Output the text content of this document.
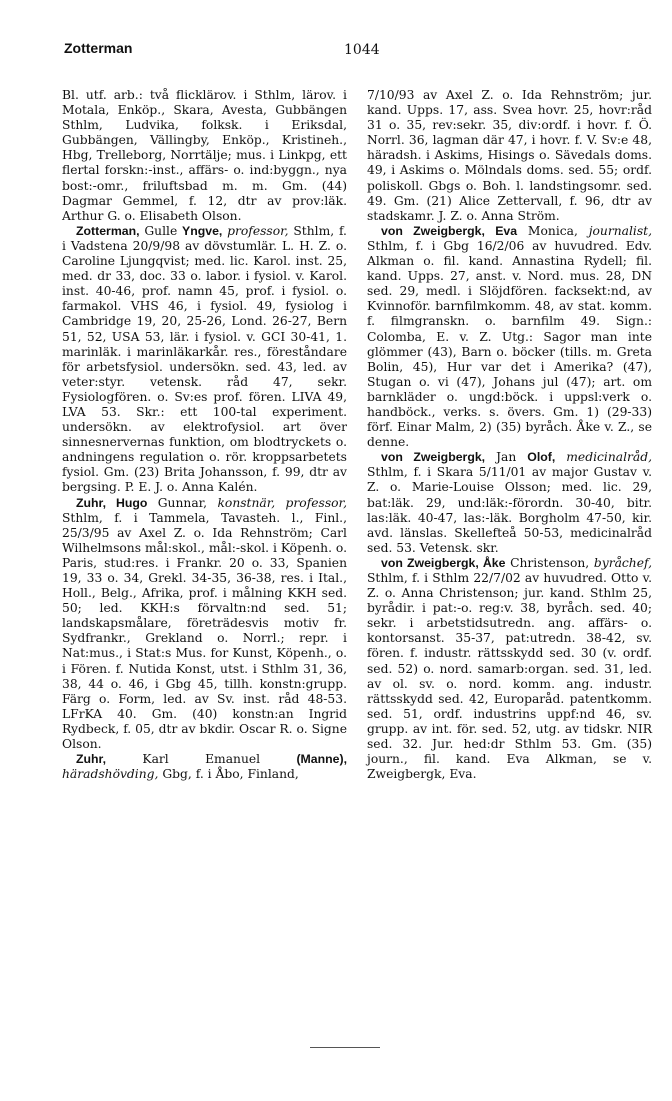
Zotterman	1044

Bl. utf. arb.: två flicklärov. i Sthlm, lärov. i Motala, Enköp., Skara, Avesta, Gubbängen Sthlm, Ludvika, folksk. i Eriksdal, Gubbängen, Vällingby, Enköp., Kristineh., Hbg, Trelleborg, Norrtälje; mus. i Linkpg, ett flertal forskn:-inst., affärs- o. ind:byggn., nya bost:-omr., friluftsbad m. m. Gm. (44) Dagmar Gemmel, f. 12, dtr av prov:läk. Arthur G. o. Elisabeth Olson.

Zotterman, Gulle Yngve, professor, Sthlm, f. i Vadstena 20/9/98 av dövstumlär. L. H. Z. o. Caroline Ljungqvist; med. lic. Karol. inst. 25, med. dr 33, doc. 33 o. labor. i fysiol. v. Karol. inst. 40-46, prof. namn 45, prof. i fysiol. o. farmakol. VHS 46, i fysiol. 49, fysiolog i Cambridge 19, 20, 25-26, Lond. 26-27, Bern 51, 52, USA 53, lär. i fysiol. v. GCI 30-41, 1. marinläk. i marinläkarkår. res., föreståndare för arbetsfysiol. undersökn. sed. 43, led. av veter:styr. vetensk. råd 47, sekr. Fysiologfören. o. Sv:es prof. fören. LIVA 49, LVA 53. Skr.: ett 100-tal experiment. undersökn. av elektrofysiol. art över sinnesnervernas funktion, om blodtryckets o. andningens regulation o. rör. kroppsarbetets fysiol. Gm. (23) Brita Johansson, f. 99, dtr av bergsing. P. E. J. o. Anna Kalén.

Zuhr, Hugo Gunnar, konstnär, professor, Sthlm, f. i Tammela, Tavasteh. l., Finl., 25/3/95 av Axel Z. o. Ida Rehnström; Carl Wilhelmsons mål:skol., mål:-skol. i Köpenh. o. Paris, stud:res. i Frankr. 20 o. 33, Spanien 19, 33 o. 34, Grekl. 34-35, 36-38, res. i Ital., Holl., Belg., Afrika, prof. i målning KKH sed. 50; led. KKH:s förvaltn:nd sed. 51; landskapsmålare, företrädesvis motiv fr. Sydfrankr., Grekland o. Norrl.; repr. i Nat:mus., i Stat:s Mus. for Kunst, Köpenh., o. i Fören. f. Nutida Konst, utst. i Sthlm 31, 36, 38, 44 o. 46, i Gbg 45, tillh. konstn:grupp. Färg o. Form, led. av Sv. inst. råd 48-53. LFrKA 40. Gm. (40) konstn:an Ingrid Rydbeck, f. 05, dtr av bkdir. Oscar R. o. Signe Olson.

Zuhr, Karl Emanuel (Manne), häradshövding, Gbg, f. i Åbo, Finland,

7/10/93 av Axel Z. o. Ida Rehnström; jur. kand. Upps. 17, ass. Svea hovr. 25, hovr:råd 31 o. 35, rev:sekr. 35, div:ordf. i hovr. f. Ö. Norrl. 36, lagman där 47, i hovr. f. V. Sv:e 48, häradsh. i Askims, Hisings o. Sävedals doms. 49, i Askims o. Mölndals doms. sed. 55; ordf. poliskoll. Gbgs o. Boh. l. landstingsomr. sed. 49. Gm. (21) Alice Zettervall, f. 96, dtr av stadskamr. J. Z. o. Anna Ström.

von Zweigbergk, Eva Monica, journalist, Sthlm, f. i Gbg 16/2/06 av huvudred. Edv. Alkman o. fil. kand. Annastina Rydell; fil. kand. Upps. 27, anst. v. Nord. mus. 28, DN sed. 29, medl. i Slöjdfören. facksekt:nd, av Kvinnoför. barnfilmkomm. 48, av stat. komm. f. filmgranskn. o. barnfilm 49. Sign.: Colomba, E. v. Z. Utg.: Sagor man inte glömmer (43), Barn o. böcker (tills. m. Greta Bolin, 45), Hur var det i Amerika? (47), Stugan o. vi (47), Johans jul (47); art. om barnkläder o. ungd:böck. i uppsl:verk o. handböck., verks. s. övers. Gm. 1) (29-33) förf. Einar Malm, 2) (35) byråch. Åke v. Z., se denne.

von Zweigbergk, Jan Olof, medicinalråd, Sthlm, f. i Skara 5/11/01 av major Gustav v. Z. o. Marie-Louise Olsson; med. lic. 29, bat:läk. 29, und:läk:-förordn. 30-40, bitr. las:läk. 40-47, las:-läk. Borgholm 47-50, kir. avd. länslas. Skellefteå 50-53, medicinalråd sed. 53. Vetensk. skr.

von Zweigbergk, Åke Christenson, byråchef, Sthlm, f. i Sthlm 22/7/02 av huvudred. Otto v. Z. o. Anna Christenson; jur. kand. Sthlm 25, byrådir. i pat:-o. reg:v. 38, byråch. sed. 40; sekr. i arbetstidsutredn. ang. affärs- o. kontorsanst. 35-37, pat:utredn. 38-42, sv. fören. f. industr. rättsskydd sed. 30 (v. ordf. sed. 52) o. nord. samarb:organ. sed. 31, led. av ol. sv. o. nord. komm. ang. industr. rättsskydd sed. 42, Europaråd. patentkomm. sed. 51, ordf. industrins uppf:nd 46, sv. grupp. av int. för. sed. 52, utg. av tidskr. NIR sed. 32. Jur. hed:dr Sthlm 53. Gm. (35) journ., fil. kand. Eva Alkman, se v. Zweigbergk, Eva.
